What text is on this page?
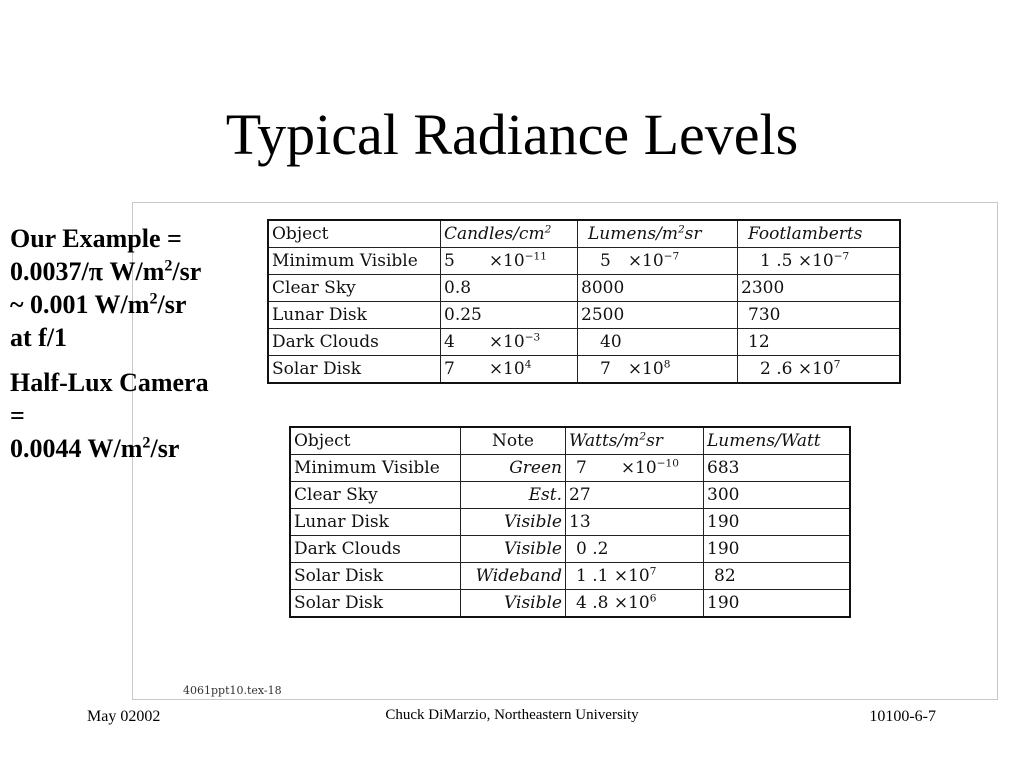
Typical Radiance Levels

Our Example =
0.0037/π $W/m^2/sr$
~ 0.001 $W/m^2/sr$
at f/1

Half-Lux Camera
=
0.0044 $W/m^2/sr$

Object	Candles/$cm^2$	Lumens/$m^2sr$	Footlamberts
Minimum Visible	5  $\times 10^{-11}$	5 $\times 10^{-7}$	1 $.5 \times 10^{-7}$
Clear Sky	0.8	8000	2300
Lunar Disk	0.25	2500	730
Dark Clouds	4  $\times 10^{-3}$	40	12
Solar Disk	7  $\times 10^4$	7 $\times 10^8$	2 $.6 \times 10^7$
Object	Note	Watts/$m^2sr$	Lumens/Watt
Minimum Visible	Green	7  $\times 10^{-10}$	683
Clear Sky	Est.	27	300
Lunar Disk	Visible	13	190
Dark Clouds	Visible	0 .2	190
Solar Disk	Wideband	1 $.1 \times 10^7$	82
Solar Disk	Visible	4 $.8 \times 10^6$	190
4061ppt10.tex-18
May 02002	Chuck DiMarzio, Northeastern University	10100-6-7
